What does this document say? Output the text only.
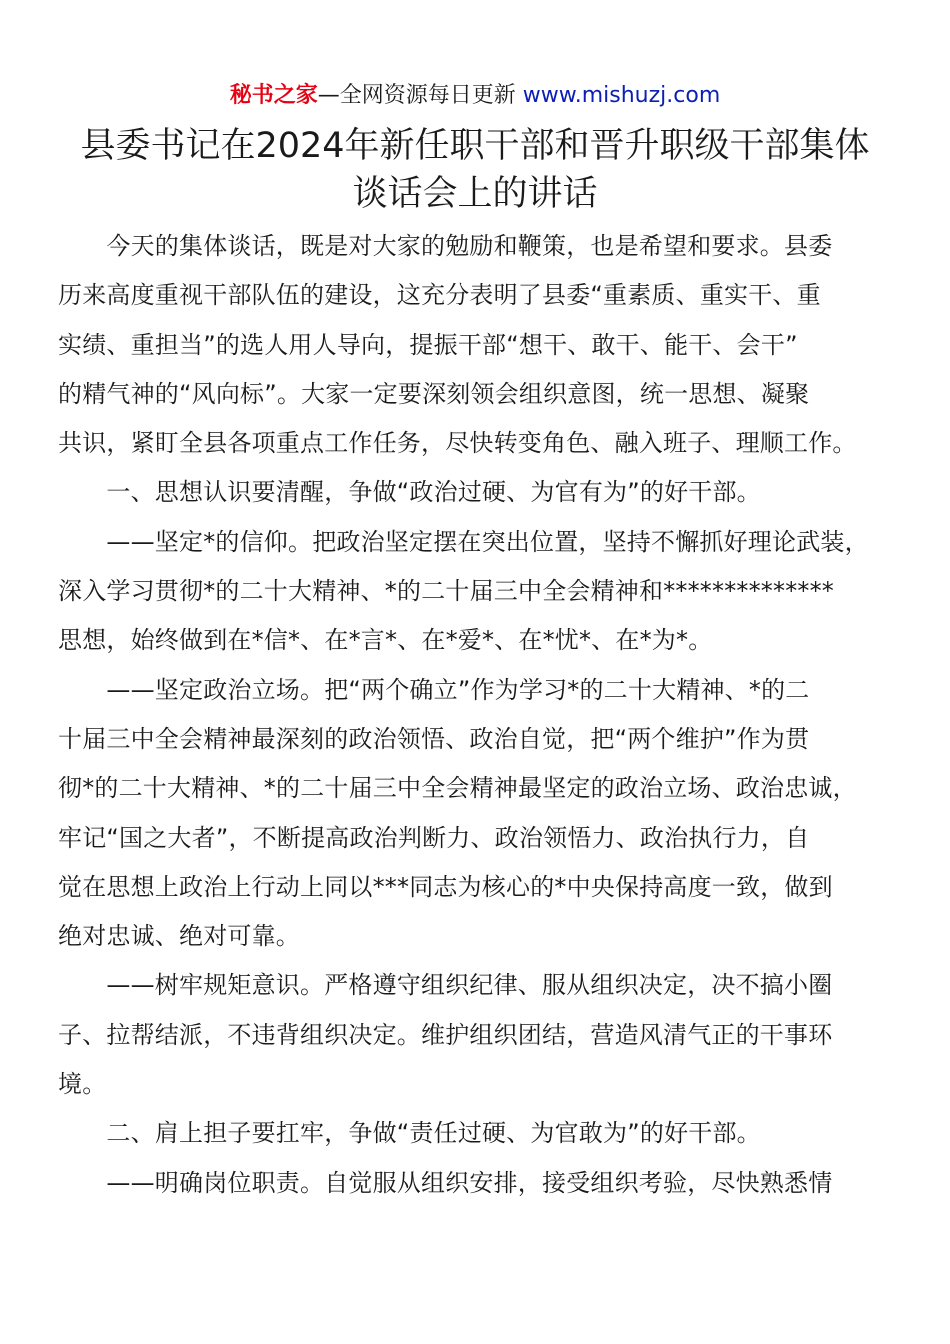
秘书之家—全网资源每日更新 www.mishuzj.com
县委书记在2024年新任职干部和晋升职级干部集体
谈话会上的讲话
　　今天的集体谈话，既是对大家的勉励和鞭策，也是希望和要求。县委
历来高度重视干部队伍的建设，这充分表明了县委“重素质、重实干、重
实绩、重担当”的选人用人导向，提振干部“想干、敢干、能干、会干”
的精气神的“风向标”。大家一定要深刻领会组织意图，统一思想、凝聚
共识，紧盯全县各项重点工作任务，尽快转变角色、融入班子、理顺工作。
　　一、思想认识要清醒，争做“政治过硬、为官有为”的好干部。
　　——坚定*的信仰。把政治坚定摆在突出位置，坚持不懈抓好理论武装，
深入学习贯彻*的二十大精神、*的二十届三中全会精神和**************
思想，始终做到在*信*、在*言*、在*爱*、在*忧*、在*为*。
　　——坚定政治立场。把“两个确立”作为学习*的二十大精神、*的二
十届三中全会精神最深刻的政治领悟、政治自觉，把“两个维护”作为贯
彻*的二十大精神、*的二十届三中全会精神最坚定的政治立场、政治忠诚，
牢记“国之大者”，不断提高政治判断力、政治领悟力、政治执行力，自
觉在思想上政治上行动上同以***同志为核心的*中央保持高度一致，做到
绝对忠诚、绝对可靠。
　　——树牢规矩意识。严格遵守组织纪律、服从组织决定，决不搞小圈
子、拉帮结派，不违背组织决定。维护组织团结，营造风清气正的干事环
境。
　　二、肩上担子要扛牢，争做“责任过硬、为官敢为”的好干部。
　　——明确岗位职责。自觉服从组织安排，接受组织考验，尽快熟悉情
